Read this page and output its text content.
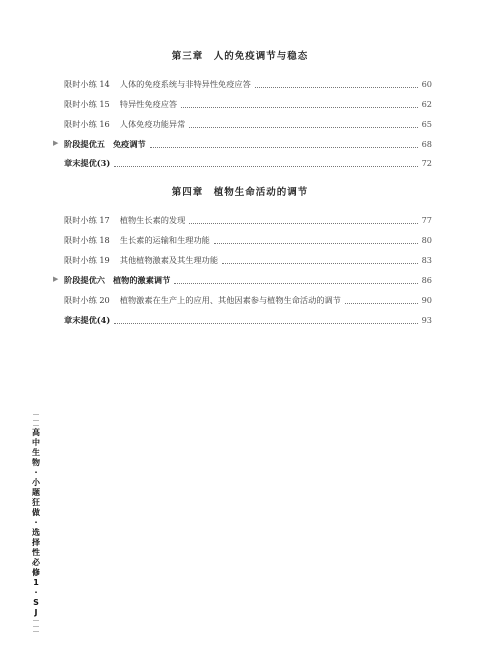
第三章　人的免疫调节与稳态
限时小练 14 人体的免疫系统与非特异性免疫应答	60
限时小练 15 特异性免疫应答	62
限时小练 16 人体免疫功能异常	65
▶ 阶段提优五 免疫调节	68
章末提优(3)	72
第四章　植物生命活动的调节
限时小练 17 植物生长素的发现	77
限时小练 18 生长素的运输和生理功能	80
限时小练 19 其他植物激素及其生理功能	83
▶ 阶段提优六 植物的激素调节	86
限时小练 20 植物激素在生产上的应用、其他因素参与植物生命活动的调节	90
章末提优(4)	93
高
中
生
物
·
小
题
狂
做
·
选
择
性
必
修
1
·
S
J
